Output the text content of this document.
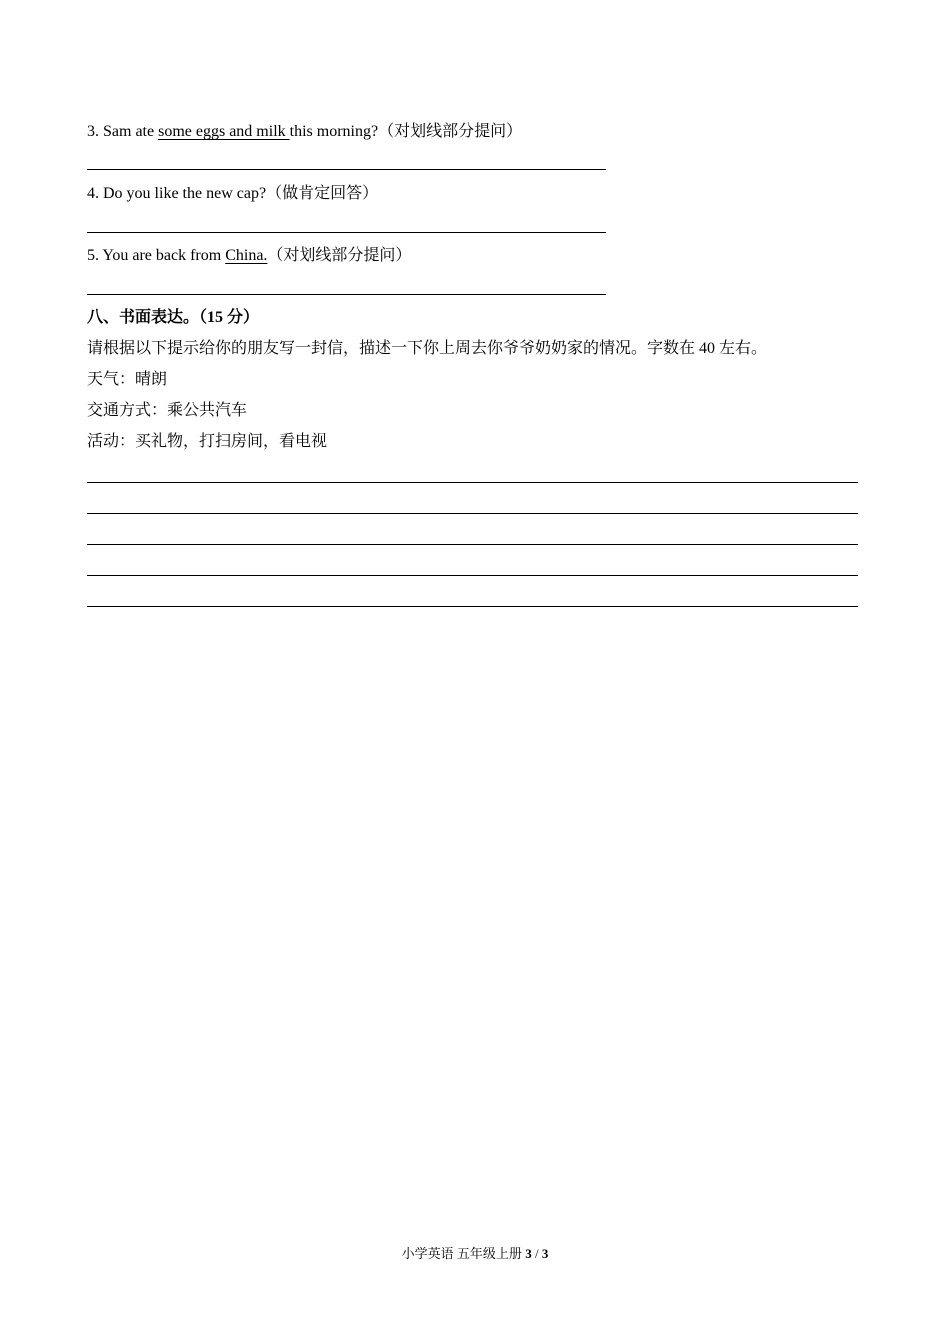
3. Sam ate some eggs and milk this morning?（对划线部分提问）
4. Do you like the new cap?（做肯定回答）
5. You are back from China.（对划线部分提问）
八、书面表达。（15 分）
请根据以下提示给你的朋友写一封信，描述一下你上周去你爷爷奶奶家的情况。字数在 40 左右。
天气：晴朗
交通方式：乘公共汽车
活动：买礼物，打扫房间，看电视
小学英语 五年级上册 3 / 3
